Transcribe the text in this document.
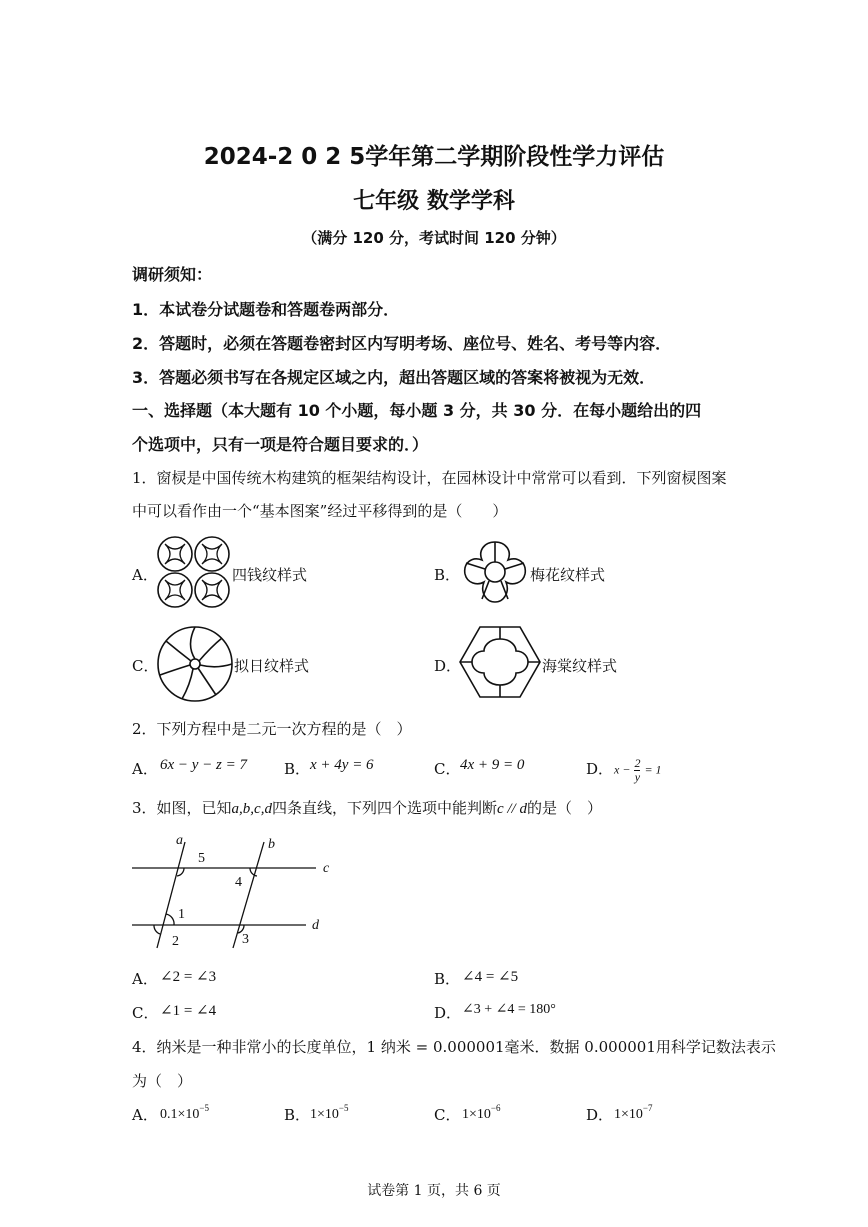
2024-2 0 2 5学年第二学期阶段性学力评估
七年级 数学学科
（满分 120 分，考试时间 120 分钟）
调研须知：
1．本试卷分试题卷和答题卷两部分．
2．答题时，必须在答题卷密封区内写明考场、座位号、姓名、考号等内容．
3．答题必须书写在各规定区域之内，超出答题区域的答案将被视为无效．
一、选择题（本大题有 10 个小题，每小题 3 分，共 30 分．在每小题给出的四
个选项中，只有一项是符合题目要求的．）
1．窗棂是中国传统木构建筑的框架结构设计，在园林设计中常常可以看到．下列窗棂图案
中可以看作由一个“基本图案”经过平移得到的是（　　）
A．	四钱纹样式	B．	梅花纹样式
C．	拟日纹样式	D．	海棠纹样式
2．下列方程中是二元一次方程的是（　）
A． 6x − y − z = 7 B． x + 4y = 6	C． 4x + 9 = 0	D． $x - \frac{2}{y} = 1$
3．如图，已知a,b,c,d四条直线，下列四个选项中能判断c // d的是（　）
a	b
c
d
5
4
1
2	3
A． ∠2 = ∠3	B． ∠4 = ∠5
C． ∠1 = ∠4	D． ∠3 + ∠4 = 180°
4．纳米是一种非常小的长度单位，1 纳米 = 0.000001毫米．数据 0.000001用科学记数法表示
为（　）
A． $0.1\times 10^{-5}$	B． $1\times 10^{-5}$	C． $1\times 10^{-6}$	D． $1\times 10^{-7}$
试卷第 1 页，共 6 页
